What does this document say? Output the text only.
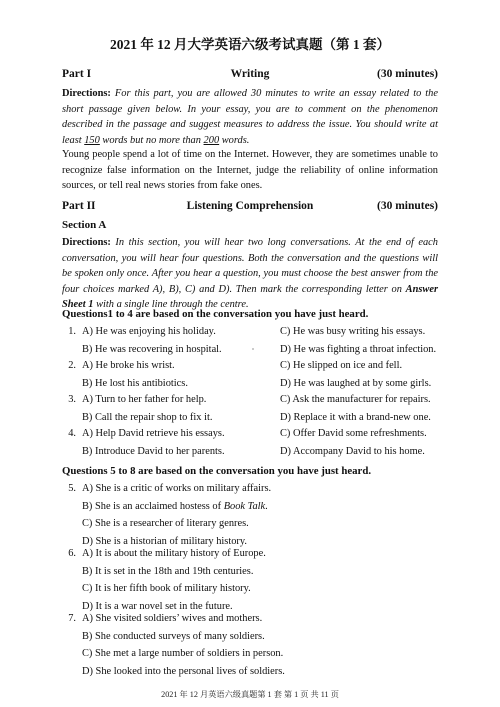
2021 年 12 月大学英语六级考试真题（第 1 套）
Part I	Writing	(30 minutes)
Directions: For this part, you are allowed 30 minutes to write an essay related to the short passage given below. In your essay, you are to comment on the phenomenon described in the passage and suggest measures to address the issue. You should write at least 150 words but no more than 200 words.
Young people spend a lot of time on the Internet. However, they are sometimes unable to recognize false information on the Internet, judge the reliability of online information sources, or tell real news stories from fake ones.
Part II	Listening Comprehension	(30 minutes)
Section A
Directions: In this section, you will hear two long conversations. At the end of each conversation, you will hear four questions. Both the conversation and the questions will be spoken only once. After you hear a question, you must choose the best answer from the four choices marked A), B), C) and D). Then mark the corresponding letter on Answer Sheet 1 with a single line through the centre.
Questions1 to 4 are based on the conversation you have just heard.
1. A) He was enjoying his holiday.	C) He was busy writing his essays.
B) He was recovering in hospital.	D) He was fighting a throat infection.
2. A) He broke his wrist.	C) He slipped on ice and fell.
B) He lost his antibiotics.	D) He was laughed at by some girls.
3. A) Turn to her father for help.	C) Ask the manufacturer for repairs.
B) Call the repair shop to fix it.	D) Replace it with a brand-new one.
4. A) Help David retrieve his essays.	C) Offer David some refreshments.
B) Introduce David to her parents.	D) Accompany David to his home.
Questions 5 to 8 are based on the conversation you have just heard.
5. A) She is a critic of works on military affairs.
B) She is an acclaimed hostess of Book Talk.
C) She is a researcher of literary genres.
D) She is a historian of military history.
6. A) It is about the military history of Europe.
B) It is set in the 18th and 19th centuries.
C) It is her fifth book of military history.
D) It is a war novel set in the future.
7. A) She visited soldiers’ wives and mothers.
B) She conducted surveys of many soldiers.
C) She met a large number of soldiers in person.
D) She looked into the personal lives of soldiers.
2021 年 12 月英语六级真题第 1 套 第 1 页 共 11 页
